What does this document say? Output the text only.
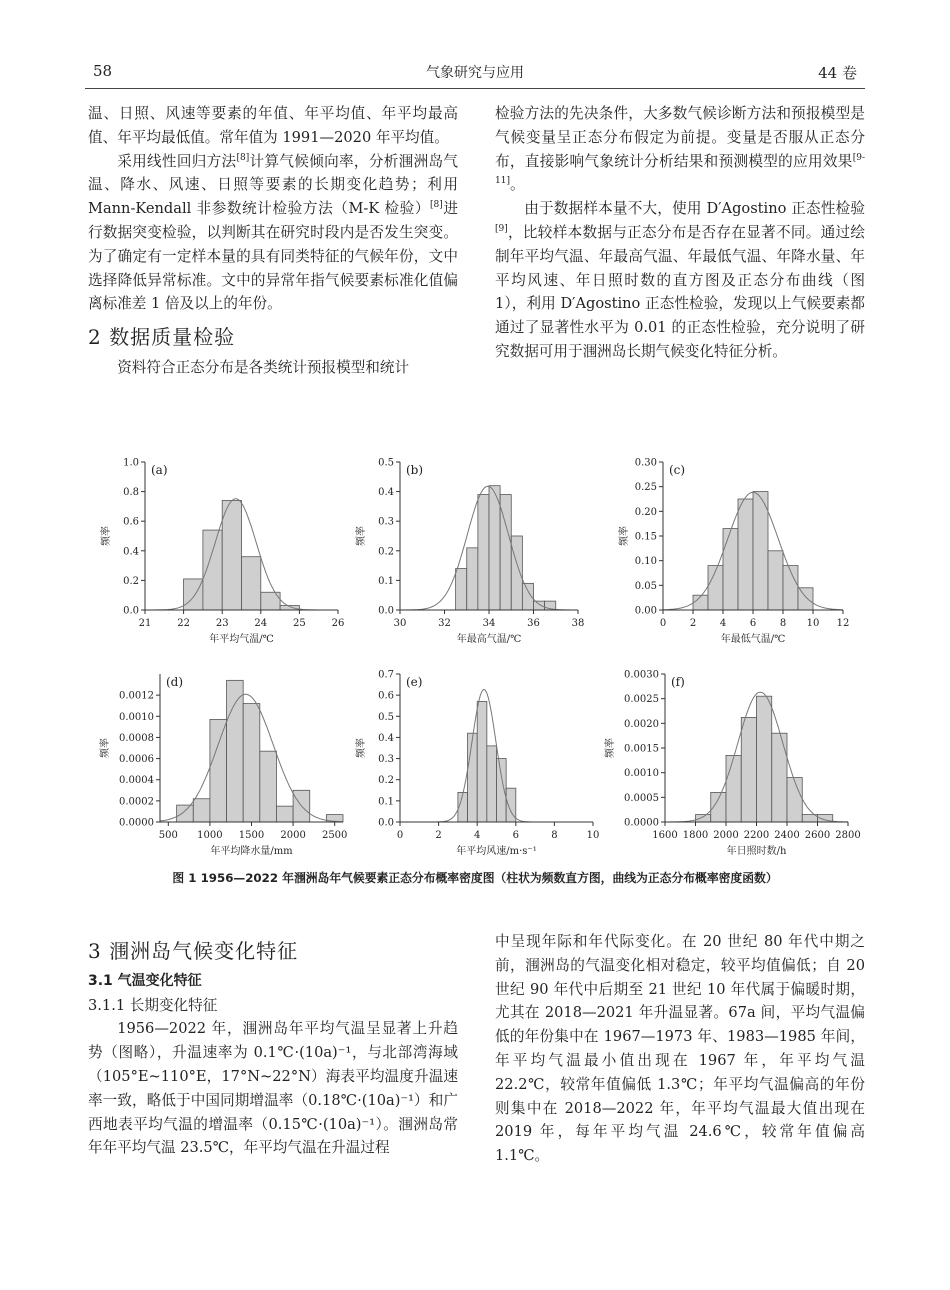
58	气象研究与应用	44 卷

温、日照、风速等要素的年值、年平均值、年平均最高值、年平均最低值。常年值为 1991—2020 年平均值。

采用线性回归方法[8]计算气候倾向率，分析涠洲岛气温、降水、风速、日照等要素的长期变化趋势；利用 Mann-Kendall 非参数统计检验方法（M-K 检验）[8]进行数据突变检验，以判断其在研究时段内是否发生突变。为了确定有一定样本量的具有同类特征的气候年份，文中选择降低异常标准。文中的异常年指气候要素标准化值偏离标准差 1 倍及以上的年份。

2 数据质量检验

资料符合正态分布是各类统计预报模型和统计

检验方法的先决条件，大多数气候诊断方法和预报模型是气候变量呈正态分布假定为前提。变量是否服从正态分布，直接影响气象统计分析结果和预测模型的应用效果[9-11]。

由于数据样本量不大，使用 D′Agostino 正态性检验[9]，比较样本数据与正态分布是否存在显著不同。通过绘制年平均气温、年最高气温、年最低气温、年降水量、年平均风速、年日照时数的直方图及正态分布曲线（图 1），利用 D′Agostino 正态性检验，发现以上气候要素都通过了显著性水平为 0.01 的正态性检验，充分说明了研究数据可用于涠洲岛长期气候变化特征分析。

21	22	23	24	25	26
0.0
0.2
0.4
0.6
0.8
1.0 (a)
年平均气温/℃
频率
30	32	34	36	38
0.0
0.1
0.2
0.3
0.4
0.5 (b)
年最高气温/℃
频率
0 2 4 6 8 10 12
0.00
0.05
0.10
0.15
0.20
0.25
0.30 (c)
年最低气温/℃
频率
500 1000 1500 2000 2500
0.0000
0.0002
0.0004
0.0006
0.0008
0.0010
0.0012
(d)
年平均降水量/mm
频率
0	2	4	6	8	10
0.0
0.1
0.2
0.3
0.4
0.5
0.6
0.7 (e)
年平均风速/m·s⁻¹
频率
1600 1800 2000 2200 2400 2600 2800
0.0000
0.0005
0.0010
0.0015
0.0020
0.0025
0.0030 (f)
年日照时数/h
频率
图 1 1956—2022 年涠洲岛年气候要素正态分布概率密度图（柱状为频数直方图，曲线为正态分布概率密度函数）
3 涠洲岛气候变化特征
3.1 气温变化特征
3.1.1 长期变化特征

1956—2022 年，涠洲岛年平均气温呈显著上升趋势（图略），升温速率为 0.1℃·(10a)⁻¹，与北部湾海域（105°E~110°E，17°N~22°N）海表平均温度升温速率一致，略低于中国同期增温率（0.18℃·(10a)⁻¹）和广西地表平均气温的增温率（0.15℃·(10a)⁻¹）。涠洲岛常年年平均气温 23.5℃，年平均气温在升温过程

中呈现年际和年代际变化。在 20 世纪 80 年代中期之前，涠洲岛的气温变化相对稳定，较平均值偏低；自 20 世纪 90 年代中后期至 21 世纪 10 年代属于偏暖时期，尤其在 2018—2021 年升温显著。67a 间，平均气温偏低的年份集中在 1967—1973 年、1983—1985 年间，年平均气温最小值出现在 1967 年，年平均气温 22.2℃，较常年值偏低 1.3℃；年平均气温偏高的年份则集中在 2018—2022 年，年平均气温最大值出现在 2019 年，每年平均气温 24.6℃，较常年值偏高 1.1℃。
